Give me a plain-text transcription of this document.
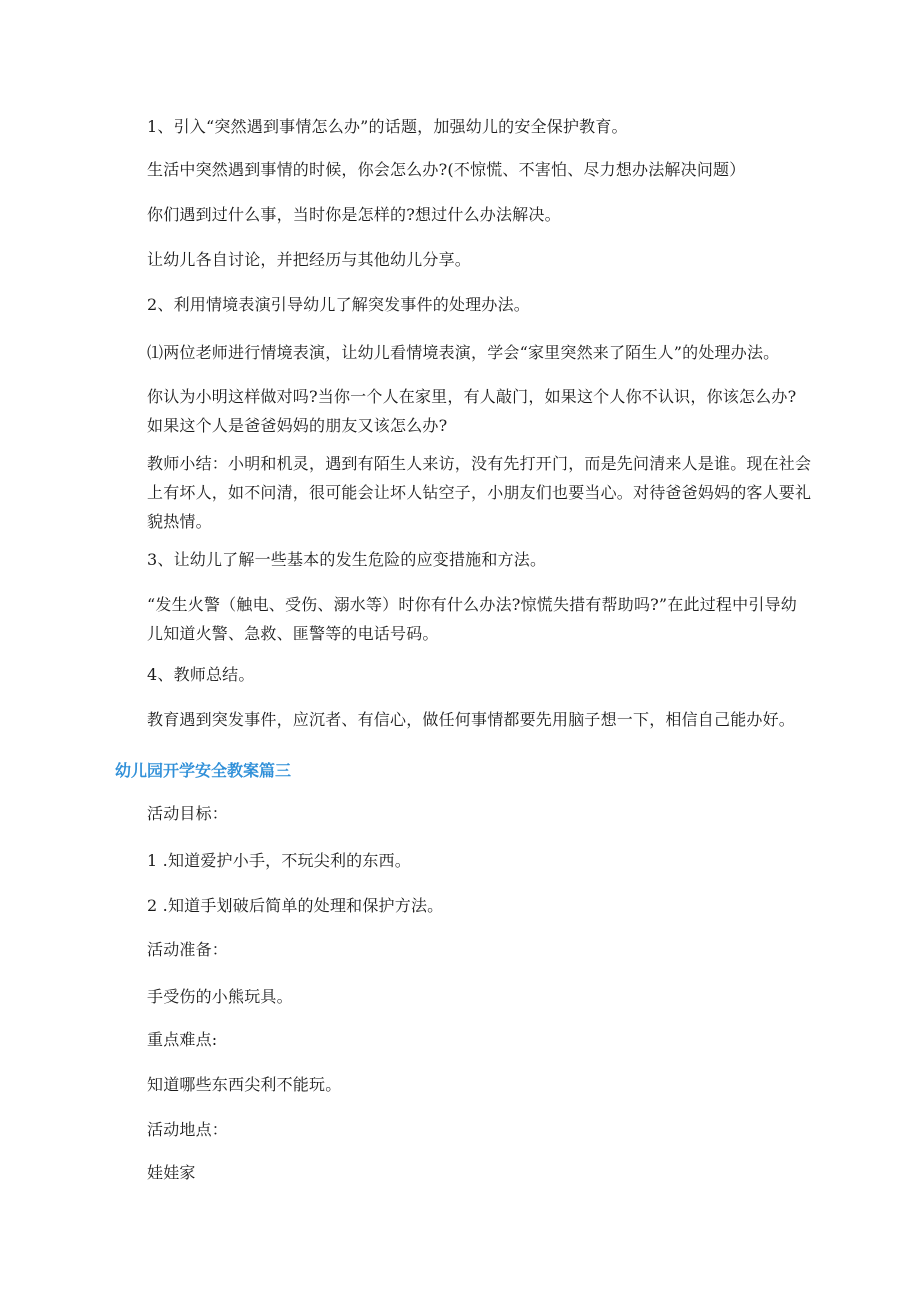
1、引入“突然遇到事情怎么办”的话题，加强幼儿的安全保护教育。

生活中突然遇到事情的时候，你会怎么办?(不惊慌、不害怕、尽力想办法解决问题）

你们遇到过什么事，当时你是怎样的?想过什么办法解决。

让幼儿各自讨论，并把经历与其他幼儿分享。

2、利用情境表演引导幼儿了解突发事件的处理办法。

⑴两位老师进行情境表演，让幼儿看情境表演，学会“家里突然来了陌生人”的处理办法。

你认为小明这样做对吗?当你一个人在家里，有人敲门，如果这个人你不认识，你该怎么办?如果这个人是爸爸妈妈的朋友又该怎么办?

教师小结：小明和机灵，遇到有陌生人来访，没有先打开门，而是先问清来人是谁。现在社会上有坏人，如不问清，很可能会让坏人钻空子，小朋友们也要当心。对待爸爸妈妈的客人要礼貌热情。

3、让幼儿了解一些基本的发生危险的应变措施和方法。

“发生火警（触电、受伤、溺水等）时你有什么办法?惊慌失措有帮助吗?”在此过程中引导幼儿知道火警、急救、匪警等的电话号码。

4、教师总结。

教育遇到突发事件，应沉者、有信心，做任何事情都要先用脑子想一下，相信自己能办好。

幼儿园开学安全教案篇三

活动目标：

1 .知道爱护小手，不玩尖利的东西。

2 .知道手划破后简单的处理和保护方法。

活动准备：

手受伤的小熊玩具。

重点难点:

知道哪些东西尖利不能玩。

活动地点：

娃娃家
